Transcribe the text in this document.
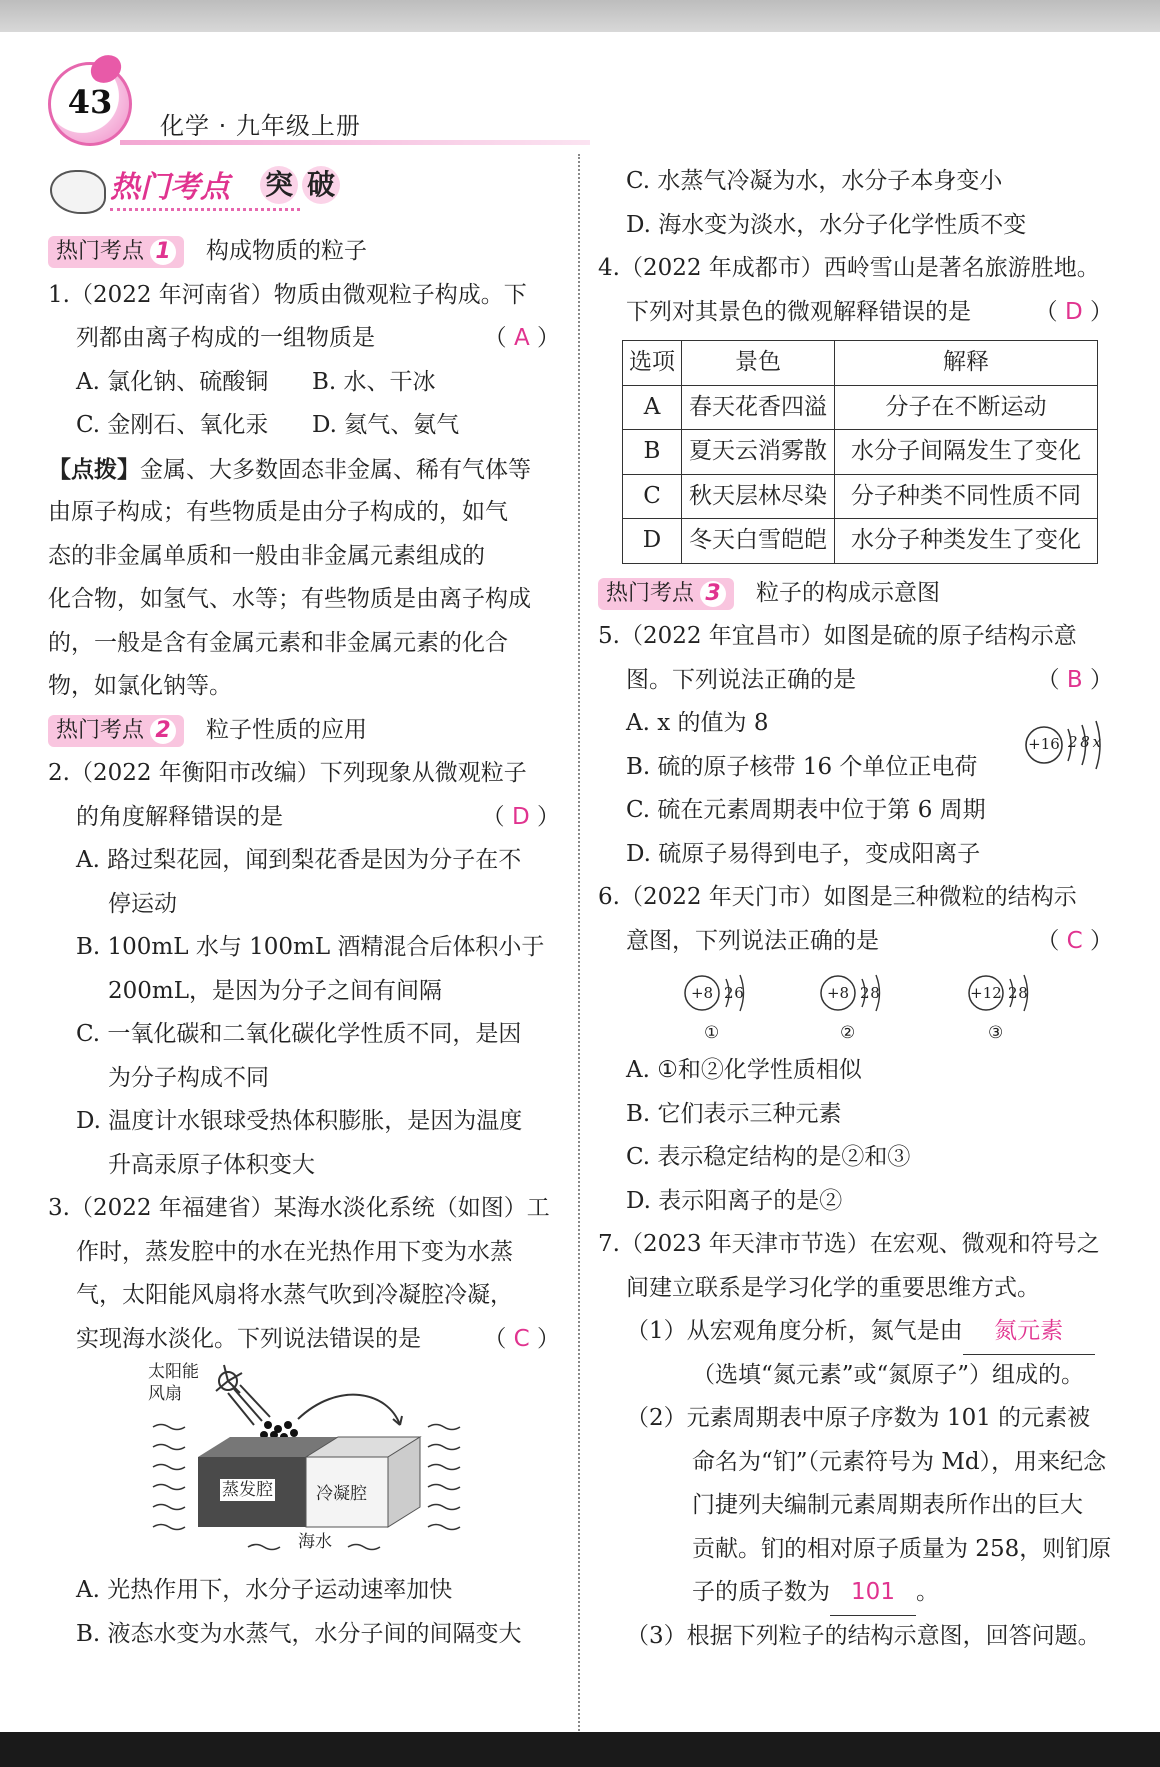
43
化学 · 九年级上册
热门考点 突 破
热门考点 1 构成物质的粒子
1.（2022 年河南省）物质由微观粒子构成。下
列都由离子构成的一组物质是	（ A ）
A. 氯化钠、硫酸铜 B. 水、干冰
C. 金刚石、氧化汞 D. 氦气、氨气
【点拨】金属、大多数固态非金属、稀有气体等
由原子构成；有些物质是由分子构成的，如气
态的非金属单质和一般由非金属元素组成的
化合物，如氢气、水等；有些物质是由离子构成
的，一般是含有金属元素和非金属元素的化合
物，如氯化钠等。
热门考点 2 粒子性质的应用
2.（2022 年衡阳市改编）下列现象从微观粒子
的角度解释错误的是	（ D ）
A. 路过梨花园，闻到梨花香是因为分子在不
停运动
B. 100mL 水与 100mL 酒精混合后体积小于
200mL，是因为分子之间有间隔
C. 一氧化碳和二氧化碳化学性质不同，是因
为分子构成不同
D. 温度计水银球受热体积膨胀，是因为温度
升高汞原子体积变大
3.（2022 年福建省）某海水淡化系统（如图）工
作时，蒸发腔中的水在光热作用下变为水蒸
气，太阳能风扇将水蒸气吹到冷凝腔冷凝，
实现海水淡化。下列说法错误的是	（ C ）
太阳能
风扇
蒸发腔	冷凝腔
海水
A. 光热作用下，水分子运动速率加快
B. 液态水变为水蒸气，水分子间的间隔变大
C. 水蒸气冷凝为水，水分子本身变小
D. 海水变为淡水，水分子化学性质不变
4.（2022 年成都市）西岭雪山是著名旅游胜地。
下列对其景色的微观解释错误的是	（ D ）
选项	景色	解释
A	春天花香四溢	分子在不断运动
B	夏天云消雾散	水分子间隔发生了变化
C	秋天层林尽染	分子种类不同性质不同
D	冬天白雪皑皑	水分子种类发生了变化
热门考点 3 粒子的构成示意图
5.（2022 年宜昌市）如图是硫的原子结构示意
图。下列说法正确的是	（ B ）
A. x 的值为 8
B. 硫的原子核带 16 个单位正电荷
C. 硫在元素周期表中位于第 6 周期
D. 硫原子易得到电子，变成阳离子
+16 2 8 x
6.（2022 年天门市）如图是三种微粒的结构示
意图，下列说法正确的是	（ C ）
+8 2 6
①
+8 2 8
②
+12 2 8
③
A. ①和②化学性质相似
B. 它们表示三种元素
C. 表示稳定结构的是②和③
D. 表示阳离子的是②
7.（2023 年天津市节选）在宏观、微观和符号之
间建立联系是学习化学的重要思维方式。
（1）从宏观角度分析，氮气是由 氮元素
（选填“氮元素”或“氮原子”）组成的。
（2）元素周期表中原子序数为 101 的元素被
命名为“钔”（元素符号为 Md），用来纪念
门捷列夫编制元素周期表所作出的巨大
贡献。钔的相对原子质量为 258，则钔原
子的质子数为 101 。
（3）根据下列粒子的结构示意图，回答问题。
